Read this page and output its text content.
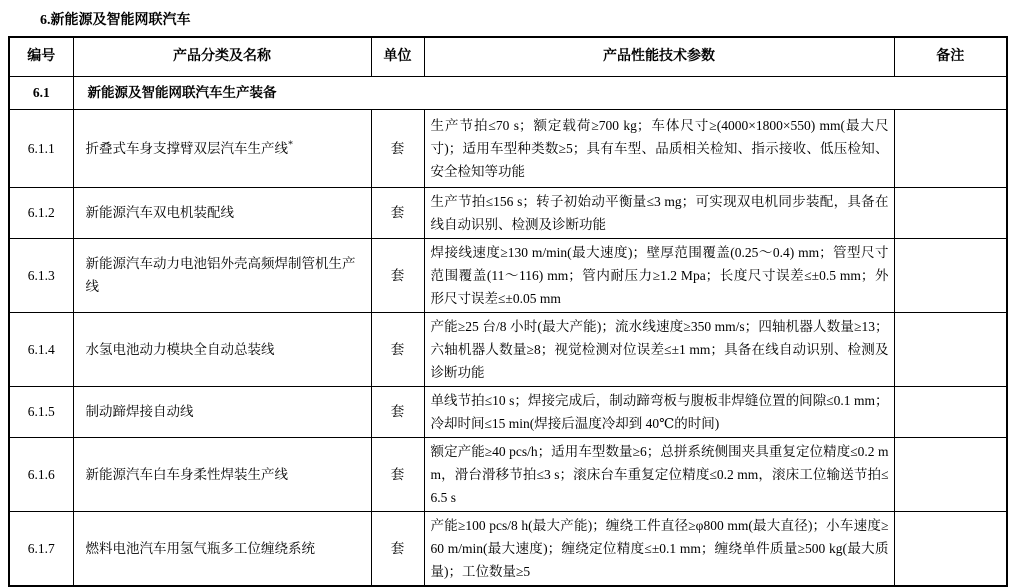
6.新能源及智能网联汽车
编号	产品分类及名称	单位	产品性能技术参数	备注
6.1	新能源及智能网联汽车生产装备			
6.1.1	折叠式车身支撑臂双层汽车生产线*	套	生产节拍≤70 s；额定载荷≥700 kg；车体尺寸≥(4000×1800×550) mm(最大尺寸)；适用车型种类数≥5；具有车型、品质相关检知、指示接收、低压检知、安全检知等功能	
6.1.2	新能源汽车双电机装配线	套	生产节拍≤156 s；转子初始动平衡量≤3 mg；可实现双电机同步装配，具备在线自动识别、检测及诊断功能	
6.1.3	新能源汽车动力电池铝外壳高频焊制管机生产线	套	焊接线速度≥130 m/min(最大速度)；壁厚范围覆盖(0.25～0.4) mm；管型尺寸范围覆盖(11～116) mm；管内耐压力≥1.2 Mpa；长度尺寸误差≤±0.5 mm；外形尺寸误差≤±0.05 mm	
6.1.4	水氢电池动力模块全自动总装线	套	产能≥25 台/8 小时(最大产能)；流水线速度≥350 mm/s；四轴机器人数量≥13；六轴机器人数量≥8；视觉检测对位误差≤±1 mm；具备在线自动识别、检测及诊断功能	
6.1.5	制动蹄焊接自动线	套	单线节拍≤10 s；焊接完成后，制动蹄弯板与腹板非焊缝位置的间隙≤0.1 mm；冷却时间≤15 min(焊接后温度冷却到 40℃的时间)	
6.1.6	新能源汽车白车身柔性焊装生产线	套	额定产能≥40 pcs/h；适用车型数量≥6；总拼系统侧围夹具重复定位精度≤0.2 mm，滑台滑移节拍≤3 s；滚床台车重复定位精度≤0.2 mm，滚床工位输送节拍≤6.5 s	
6.1.7	燃料电池汽车用氢气瓶多工位缠绕系统	套	产能≥100 pcs/8 h(最大产能)；缠绕工件直径≥φ800 mm(最大直径)；小车速度≥60 m/min(最大速度)；缠绕定位精度≤±0.1 mm；缠绕单件质量≥500 kg(最大质量)；工位数量≥5	
